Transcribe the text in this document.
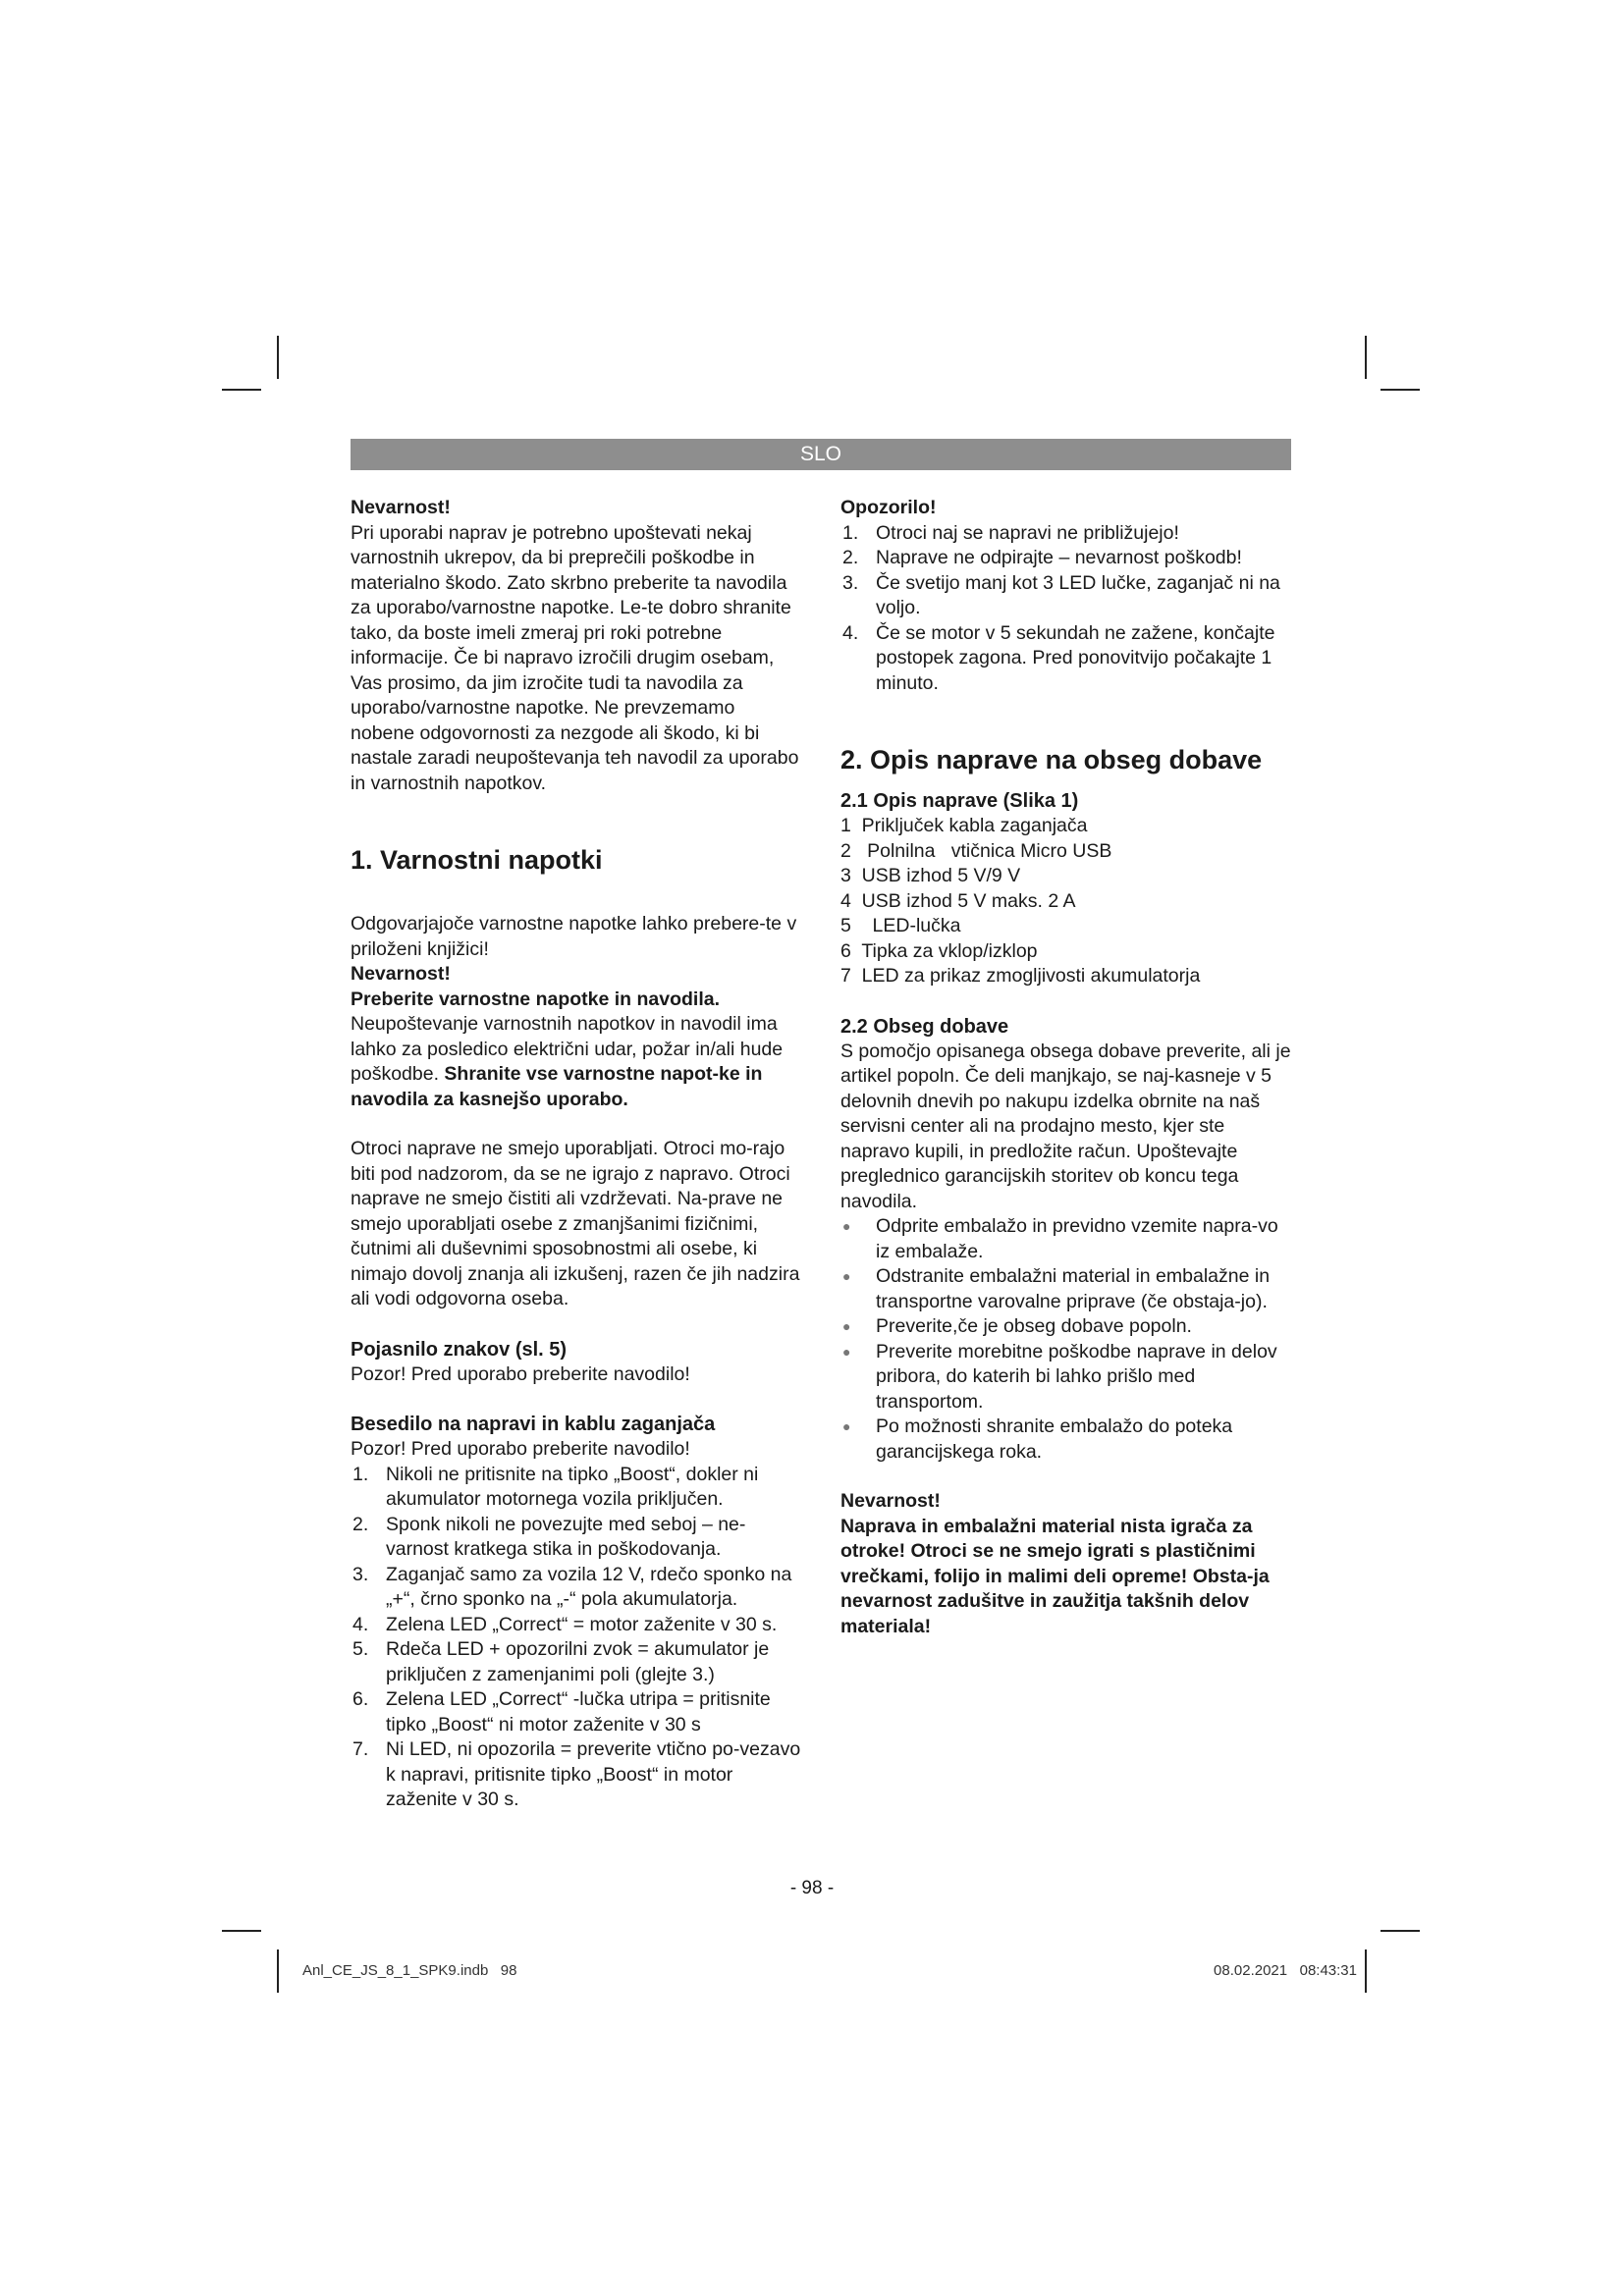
SLO

Nevarnost!

Pri uporabi naprav je potrebno upoštevati nekaj varnostnih ukrepov, da bi preprečili poškodbe in materialno škodo. Zato skrbno preberite ta navodila za uporabo/varnostne napotke. Le-te dobro shranite tako, da boste imeli zmeraj pri roki potrebne informacije. Če bi napravo izročili drugim osebam, Vas prosimo, da jim izročite tudi ta navodila za uporabo/varnostne napotke. Ne prevzemamo nobene odgovornosti za nezgode ali škodo, ki bi nastale zaradi neupoštevanja teh navodil za uporabo in varnostnih napotkov.

1. Varnostni napotki

Odgovarjajoče varnostne napotke lahko prebere-te v priloženi knjižici!

Nevarnost!

Preberite varnostne napotke in navodila.

Neupoštevanje varnostnih napotkov in navodil ima lahko za posledico električni udar, požar in/ali hude poškodbe. Shranite vse varnostne napot-ke in navodila za kasnejšo uporabo.

Otroci naprave ne smejo uporabljati. Otroci mo-rajo biti pod nadzorom, da se ne igrajo z napravo. Otroci naprave ne smejo čistiti ali vzdrževati. Na-prave ne smejo uporabljati osebe z zmanjšanimi fizičnimi, čutnimi ali duševnimi sposobnostmi ali osebe, ki nimajo dovolj znanja ali izkušenj, razen če jih nadzira ali vodi odgovorna oseba.

Pojasnilo znakov (sl. 5)

Pozor! Pred uporabo preberite navodilo!

Besedilo na napravi in kablu zaganjača

Pozor! Pred uporabo preberite navodilo!

1. Nikoli ne pritisnite na tipko „Boost“, dokler ni akumulator motornega vozila priključen.
2. Sponk nikoli ne povezujte med seboj – ne-varnost kratkega stika in poškodovanja.
3. Zaganjač samo za vozila 12 V, rdečo sponko na „+“, črno sponko na „-“ pola akumulatorja.
4. Zelena LED „Correct“ = motor zaženite v 30 s.
5. Rdeča LED + opozorilni zvok = akumulator je priključen z zamenjanimi poli (glejte 3.)
6. Zelena LED „Correct“ -lučka utripa = pritisnite tipko „Boost“ ni motor zaženite v 30 s
7. Ni LED, ni opozorila = preverite vtično po-vezavo k napravi, pritisnite tipko „Boost“ in motor zaženite v 30 s.

Opozorilo!

1. Otroci naj se napravi ne približujejo!
2. Naprave ne odpirajte – nevarnost poškodb!
3. Če svetijo manj kot 3 LED lučke, zaganjač ni na voljo.
4. Če se motor v 5 sekundah ne zažene, končajte postopek zagona. Pred ponovitvijo počakajte 1 minuto.

2. Opis naprave na obseg dobave

2.1 Opis naprave (Slika 1)

1  Priključek kabla zaganjača
2   Polnilna   vtičnica Micro USB
3  USB izhod 5 V/9 V
4  USB izhod 5 V maks. 2 A
5    LED-lučka
6  Tipka za vklop/izklop
7  LED za prikaz zmogljivosti akumulatorja

2.2 Obseg dobave

S pomočjo opisanega obsega dobave preverite, ali je artikel popoln. Če deli manjkajo, se naj-kasneje v 5 delovnih dnevih po nakupu izdelka obrnite na naš servisni center ali na prodajno mesto, kjer ste napravo kupili, in predložite račun. Upoštevajte preglednico garancijskih storitev ob koncu tega navodila.

● Odprite embalažo in previdno vzemite napra-vo iz embalaže.
● Odstranite embalažni material in embalažne in transportne varovalne priprave (če obstaja-jo).
● Preverite,če je obseg dobave popoln.
● Preverite morebitne poškodbe naprave in delov pribora, do katerih bi lahko prišlo med transportom.
● Po možnosti shranite embalažo do poteka garancijskega roka.

Nevarnost!

Naprava in embalažni material nista igrača za otroke! Otroci se ne smejo igrati s plastičnimi vrečkami, folijo in malimi deli opreme! Obsta-ja nevarnost zadušitve in zaužitja takšnih delov materiala!

- 98 -
Anl_CE_JS_8_1_SPK9.indb   98	08.02.2021   08:43:31
